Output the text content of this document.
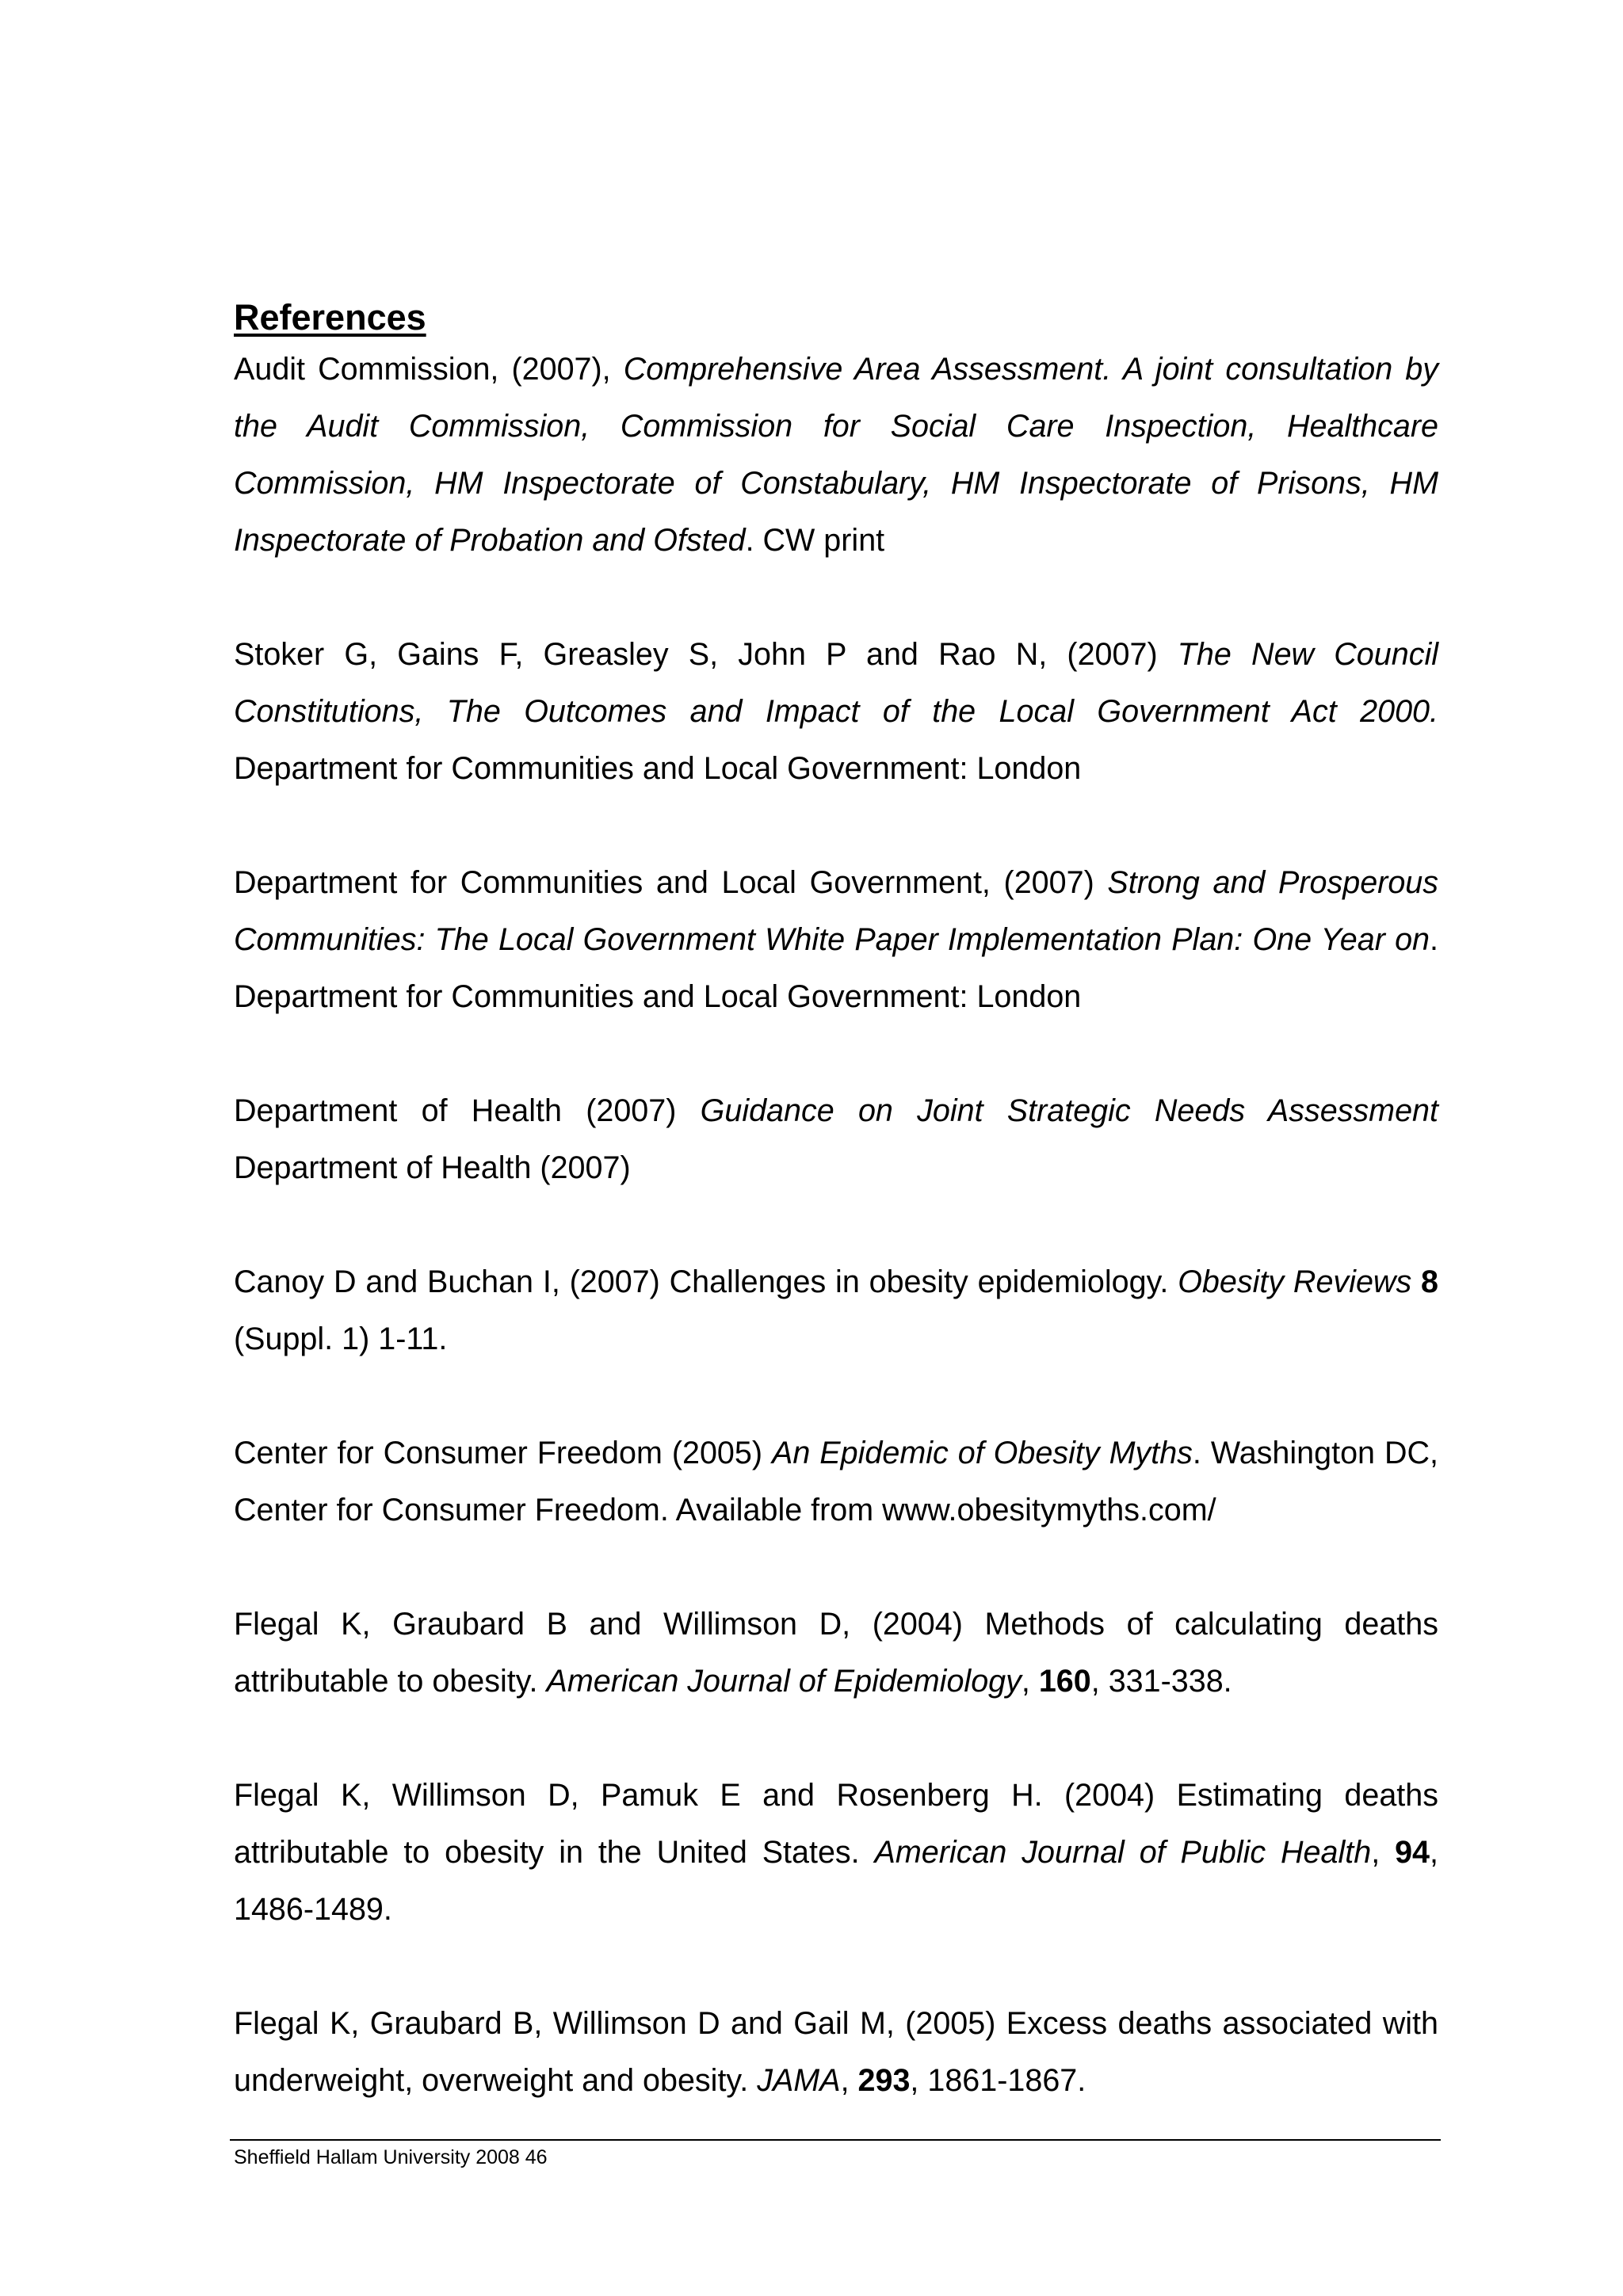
References

Audit Commission, (2007), Comprehensive Area Assessment. A joint consultation by the Audit Commission, Commission for Social Care Inspection, Healthcare Commission, HM Inspectorate of Constabulary, HM Inspectorate of Prisons, HM Inspectorate of Probation and Ofsted. CW print

Stoker G, Gains F, Greasley S, John P and Rao N, (2007) The New Council Constitutions, The Outcomes and Impact of the Local Government Act 2000. Department for Communities and Local Government: London

Department for Communities and Local Government, (2007) Strong and Prosperous Communities: The Local Government White Paper Implementation Plan: One Year on. Department for Communities and Local Government: London

Department of Health (2007) Guidance on Joint Strategic Needs Assessment Department of Health (2007)

Canoy D and Buchan I, (2007) Challenges in obesity epidemiology. Obesity Reviews 8 (Suppl. 1) 1-11.

Center for Consumer Freedom (2005) An Epidemic of Obesity Myths. Washington DC, Center for Consumer Freedom. Available from www.obesitymyths.com/

Flegal K, Graubard B and Willimson D, (2004) Methods of calculating deaths attributable to obesity. American Journal of Epidemiology, 160, 331-338.

Flegal K, Willimson D, Pamuk E and Rosenberg H. (2004) Estimating deaths attributable to obesity in the United States. American Journal of Public Health, 94, 1486-1489.

Flegal K, Graubard B, Willimson D and Gail M, (2005) Excess deaths associated with underweight, overweight and obesity. JAMA, 293, 1861-1867.

Sheffield Hallam University 2008 46
